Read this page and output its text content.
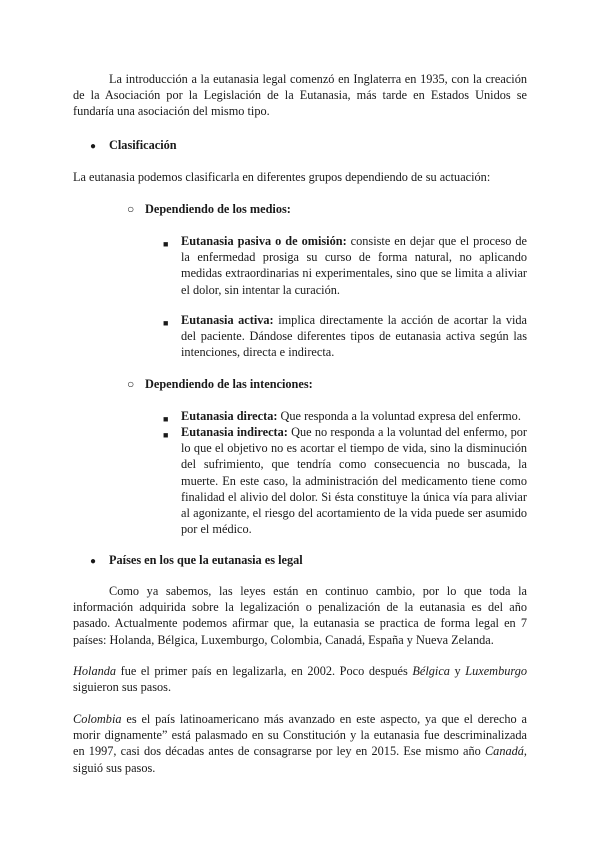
La introducción a la eutanasia legal comenzó en Inglaterra en 1935, con la creación de la Asociación por la Legislación de la Eutanasia, más tarde en Estados Unidos se fundaría una asociación del mismo tipo.

● Clasificación

La eutanasia podemos clasificarla en diferentes grupos dependiendo de su actuación:

○ Dependiendo de los medios:

■ Eutanasia pasiva o de omisión: consiste en dejar que el proceso de la enfermedad prosiga su curso de forma natural, no aplicando medidas extraordinarias ni experimentales, sino que se limita a aliviar el dolor, sin intentar la curación.

■ Eutanasia activa: implica directamente la acción de acortar la vida del paciente. Dándose diferentes tipos de eutanasia activa según las intenciones, directa e indirecta.

○ Dependiendo de las intenciones:

■ Eutanasia directa: Que responda a la voluntad expresa del enfermo.

■ Eutanasia indirecta: Que no responda a la voluntad del enfermo, por lo que el objetivo no es acortar el tiempo de vida, sino la disminución del sufrimiento, que tendría como consecuencia no buscada, la muerte. En este caso, la administración del medicamento tiene como finalidad el alivio del dolor. Si ésta constituye la única vía para aliviar al agonizante, el riesgo del acortamiento de la vida puede ser asumido por el médico.

● Países en los que la eutanasia es legal

Como ya sabemos, las leyes están en continuo cambio, por lo que toda la información adquirida sobre la legalización o penalización de la eutanasia es del año pasado. Actualmente podemos afirmar que, la eutanasia se practica de forma legal en 7 países: Holanda, Bélgica, Luxemburgo, Colombia, Canadá, España y Nueva Zelanda.

Holanda fue el primer país en legalizarla, en 2002. Poco después Bélgica y Luxemburgo siguieron sus pasos.

Colombia es el país latinoamericano más avanzado en este aspecto, ya que el derecho a morir dignamente” está palasmado en su Constitución y la eutanasia fue descriminalizada en 1997, casi dos décadas antes de consagrarse por ley en 2015. Ese mismo año Canadá, siguió sus pasos.
